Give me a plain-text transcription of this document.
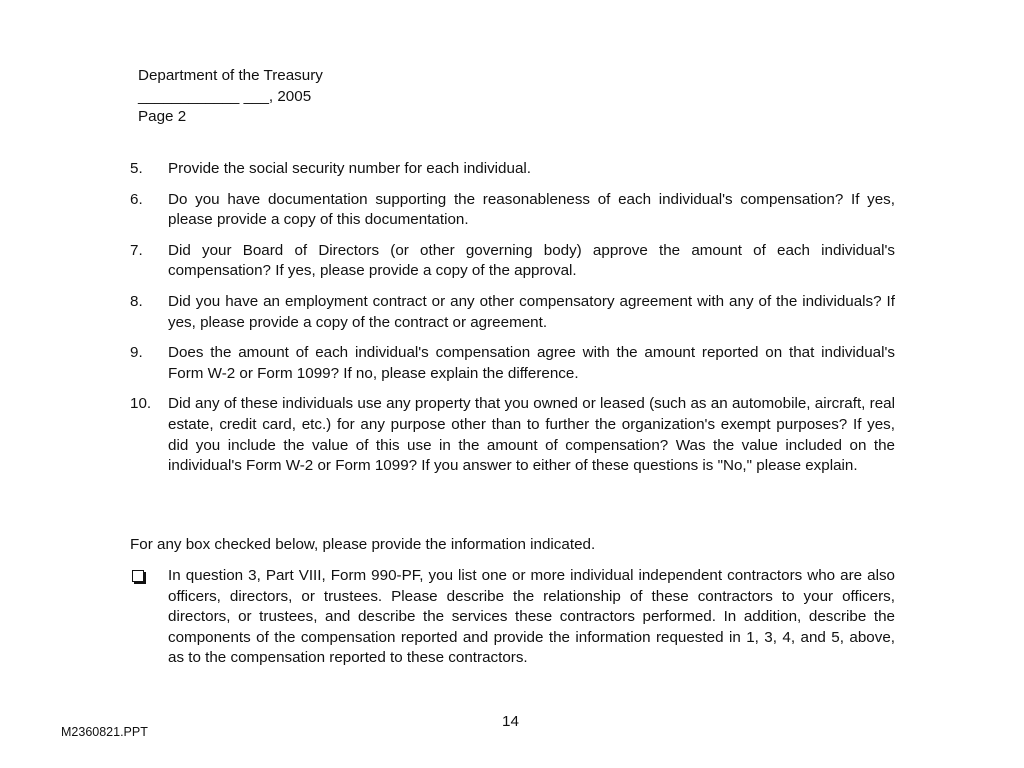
Department of the Treasury
____________ ___, 2005
Page 2
5. Provide the social security number for each individual.
6. Do you have documentation supporting the reasonableness of each individual's compensation? If yes, please provide a copy of this documentation.
7. Did your Board of Directors (or other governing body) approve the amount of each individual's compensation? If yes, please provide a copy of the approval.
8. Did you have an employment contract or any other compensatory agreement with any of the individuals? If yes, please provide a copy of the contract or agreement.
9. Does the amount of each individual's compensation agree with the amount reported on that individual's Form W-2 or Form 1099? If no, please explain the difference.
10. Did any of these individuals use any property that you owned or leased (such as an automobile, aircraft, real estate, credit card, etc.) for any purpose other than to further the organization's exempt purposes? If yes, did you include the value of this use in the amount of compensation? Was the value included on the individual's Form W-2 or Form 1099? If you answer to either of these questions is "No," please explain.
For any box checked below, please provide the information indicated.
In question 3, Part VIII, Form 990-PF, you list one or more individual independent contractors who are also officers, directors, or trustees. Please describe the relationship of these contractors to your officers, directors, or trustees, and describe the services these contractors performed. In addition, describe the components of the compensation reported and provide the information requested in 1, 3, 4, and 5, above, as to the compensation reported to these contractors.
14
M2360821.PPT
